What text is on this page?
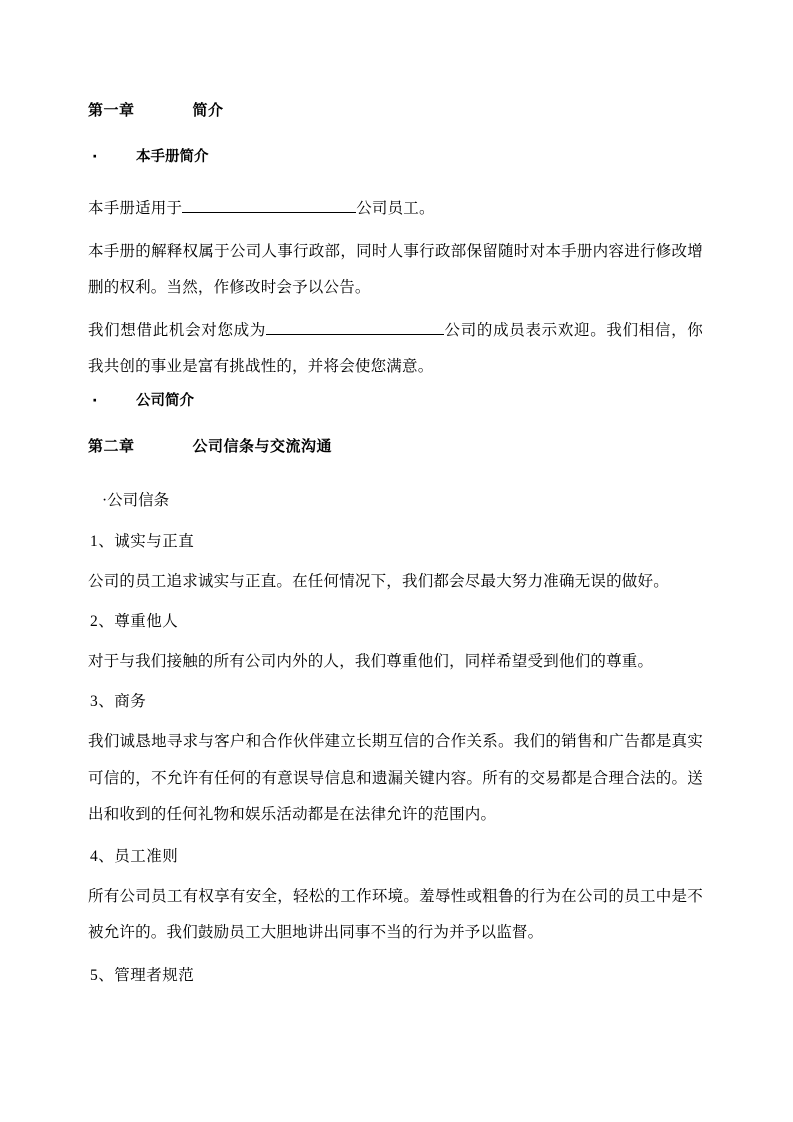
第一章	简介

·	本手册简介

本手册适用于	公司员工。

本手册的解释权属于公司人事行政部，同时人事行政部保留随时对本手册内容进行修改增删的权利。当然，作修改时会予以公告。

我们想借此机会对您成为	公司的成员表示欢迎。我们相信，你我共创的事业是富有挑战性的，并将会使您满意。

·	公司简介

第二章	公司信条与交流沟通

·公司信条

1、诚实与正直

公司的员工追求诚实与正直。在任何情况下，我们都会尽最大努力准确无误的做好。

2、尊重他人

对于与我们接触的所有公司内外的人，我们尊重他们，同样希望受到他们的尊重。

3、商务

我们诚恳地寻求与客户和合作伙伴建立长期互信的合作关系。我们的销售和广告都是真实可信的，不允许有任何的有意误导信息和遗漏关键内容。所有的交易都是合理合法的。送出和收到的任何礼物和娱乐活动都是在法律允许的范围内。

4、员工准则

所有公司员工有权享有安全，轻松的工作环境。羞辱性或粗鲁的行为在公司的员工中是不被允许的。我们鼓励员工大胆地讲出同事不当的行为并予以监督。

5、管理者规范
